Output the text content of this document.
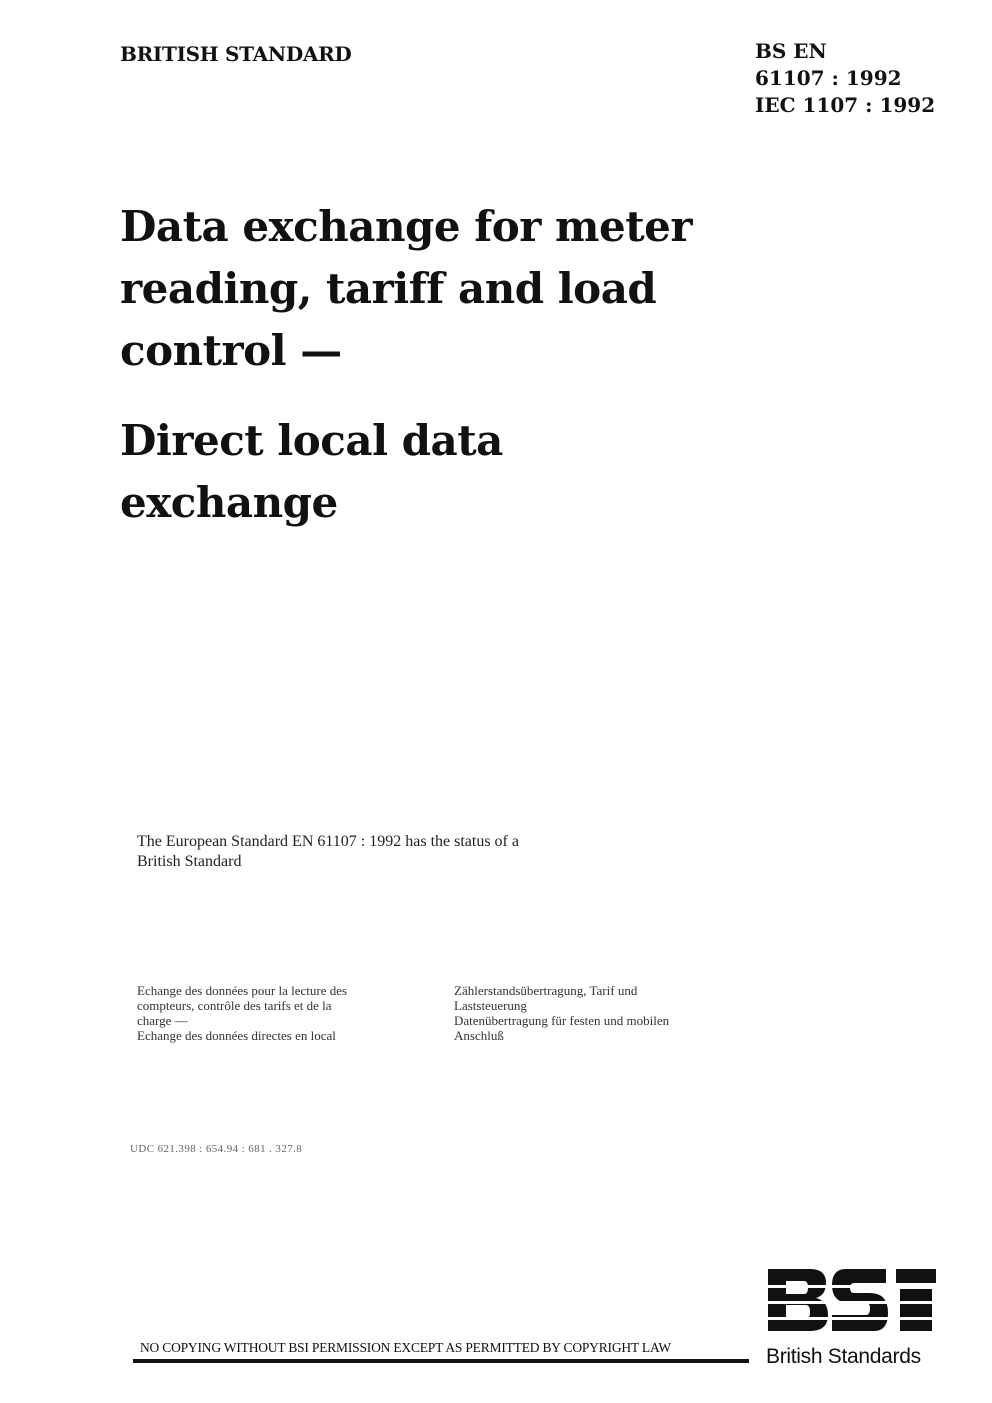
BRITISH STANDARD	BS EN
61107 : 1992
IEC 1107 : 1992
Data exchange for meter
reading, tariff and load
control —
Direct local data
exchange
The European Standard EN 61107 : 1992 has the status of a
British Standard
Echange des données pour la lecture des
compteurs, contrôle des tarifs et de la
charge —
Echange des données directes en local
Zählerstandsübertragung, Tarif und
Laststeuerung
Datenübertragung für festen und mobilen
Anschluß
UDC 621.398 : 654.94 : 681 . 327.8
NO COPYING WITHOUT BSI PERMISSION EXCEPT AS PERMITTED BY COPYRIGHT LAW	British Standards
